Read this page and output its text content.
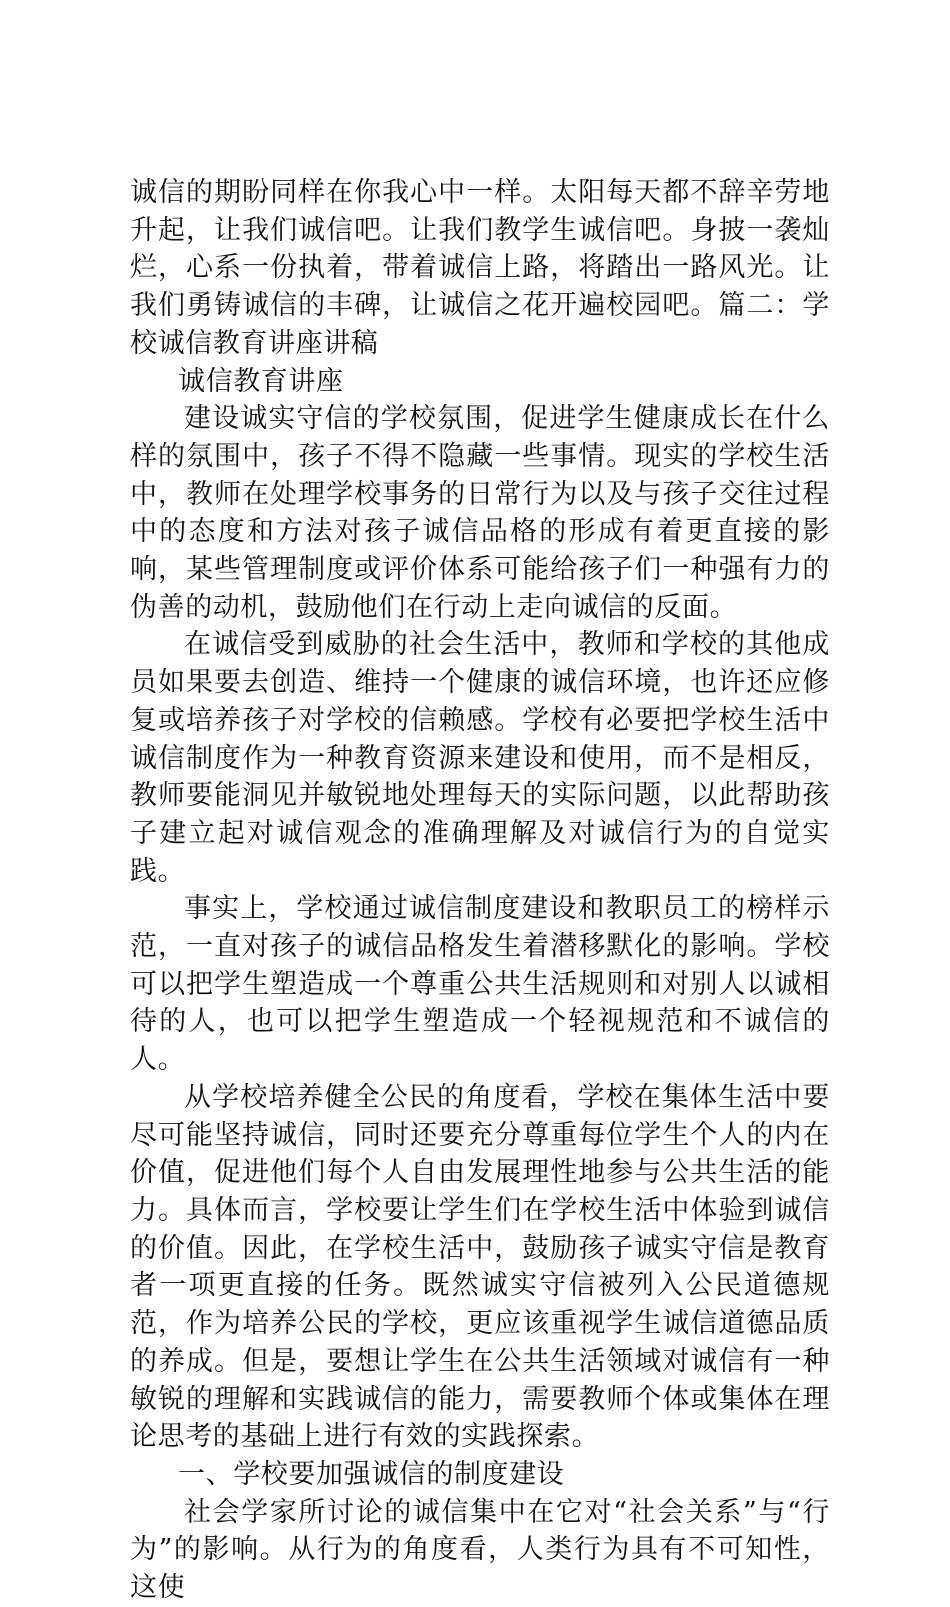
诚信的期盼同样在你我心中一样。太阳每天都不辞辛劳地升起，让我们诚信吧。让我们教学生诚信吧。身披一袭灿烂，心系一份执着，带着诚信上路，将踏出一路风光。让我们勇铸诚信的丰碑，让诚信之花开遍校园吧。篇二：学校诚信教育讲座讲稿

诚信教育讲座

建设诚实守信的学校氛围，促进学生健康成长在什么样的氛围中，孩子不得不隐藏一些事情。现实的学校生活中，教师在处理学校事务的日常行为以及与孩子交往过程中的态度和方法对孩子诚信品格的形成有着更直接的影响，某些管理制度或评价体系可能给孩子们一种强有力的伪善的动机，鼓励他们在行动上走向诚信的反面。

在诚信受到威胁的社会生活中，教师和学校的其他成员如果要去创造、维持一个健康的诚信环境，也许还应修复或培养孩子对学校的信赖感。学校有必要把学校生活中诚信制度作为一种教育资源来建设和使用，而不是相反，教师要能洞见并敏锐地处理每天的实际问题，以此帮助孩子建立起对诚信观念的准确理解及对诚信行为的自觉实践。

事实上，学校通过诚信制度建设和教职员工的榜样示范，一直对孩子的诚信品格发生着潜移默化的影响。学校可以把学生塑造成一个尊重公共生活规则和对别人以诚相待的人，也可以把学生塑造成一个轻视规范和不诚信的人。

从学校培养健全公民的角度看，学校在集体生活中要尽可能坚持诚信，同时还要充分尊重每位学生个人的内在价值，促进他们每个人自由发展理性地参与公共生活的能力。具体而言，学校要让学生们在学校生活中体验到诚信的价值。因此，在学校生活中，鼓励孩子诚实守信是教育者一项更直接的任务。既然诚实守信被列入公民道德规范，作为培养公民的学校，更应该重视学生诚信道德品质的养成。但是，要想让学生在公共生活领域对诚信有一种敏锐的理解和实践诚信的能力，需要教师个体或集体在理论思考的基础上进行有效的实践探索。

一、学校要加强诚信的制度建设

社会学家所讨论的诚信集中在它对“社会关系”与“行为”的影响。从行为的角度看，人类行为具有不可知性，这使
